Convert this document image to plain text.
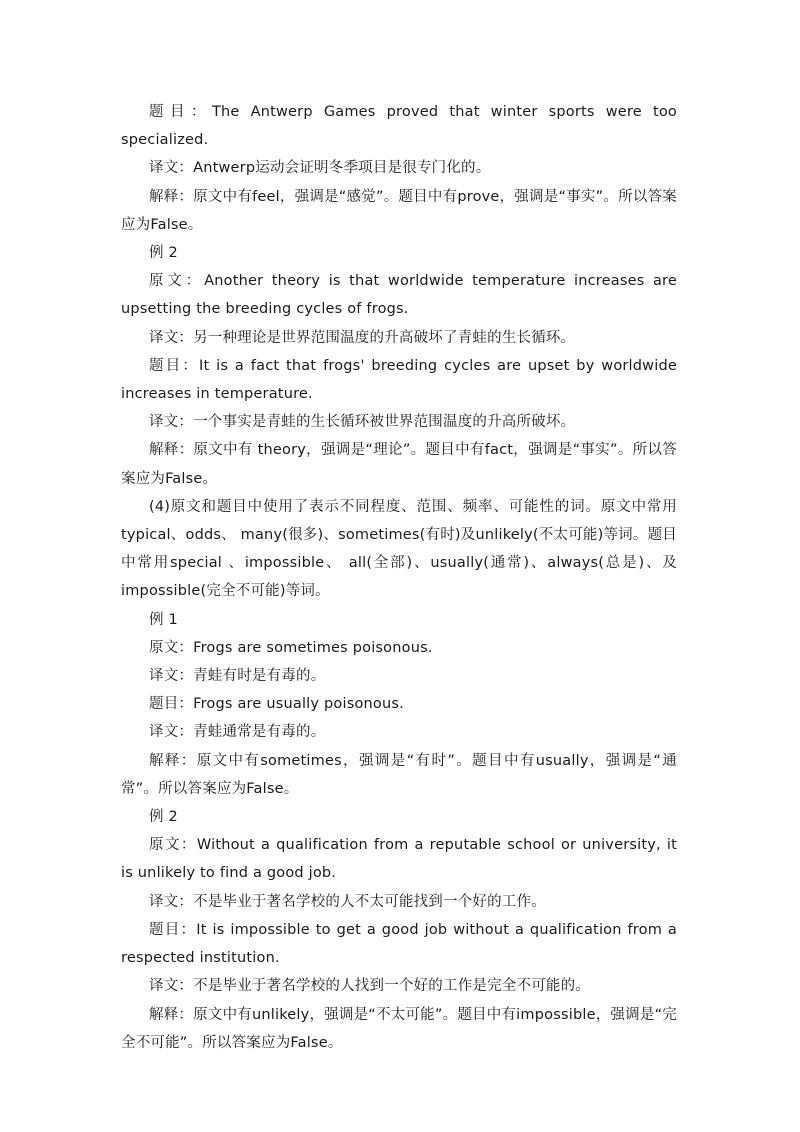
题目：The Antwerp Games proved that winter sports were too specialized.

译文：Antwerp运动会证明冬季项目是很专门化的。

解释：原文中有feel，强调是“感觉”。题目中有prove，强调是“事实”。所以答案应为False。

例 2

原文：Another theory is that worldwide temperature increases are upsetting the breeding cycles of frogs.

译文：另一种理论是世界范围温度的升高破坏了青蛙的生长循环。

题目：It is a fact that frogs' breeding cycles are upset by worldwide increases in temperature.

译文：一个事实是青蛙的生长循环被世界范围温度的升高所破坏。

解释：原文中有 theory，强调是“理论”。题目中有fact，强调是“事实”。所以答案应为False。

(4)原文和题目中使用了表示不同程度、范围、频率、可能性的词。原文中常用typical、odds、 many(很多)、sometimes(有时)及unlikely(不太可能)等词。题目中常用special 、impossible、 all(全部)、usually(通常)、always(总是)、及impossible(完全不可能)等词。

例 1

原文：Frogs are sometimes poisonous.

译文：青蛙有时是有毒的。

题目：Frogs are usually poisonous.

译文：青蛙通常是有毒的。

解释：原文中有sometimes，强调是“有时”。题目中有usually，强调是“通常”。所以答案应为False。

例 2

原文：Without a qualification from a reputable school or university, it is unlikely to find a good job.

译文：不是毕业于著名学校的人不太可能找到一个好的工作。

题目：It is impossible to get a good job without a qualification from a respected institution.

译文：不是毕业于著名学校的人找到一个好的工作是完全不可能的。

解释：原文中有unlikely，强调是“不太可能”。题目中有impossible，强调是“完全不可能”。所以答案应为False。
